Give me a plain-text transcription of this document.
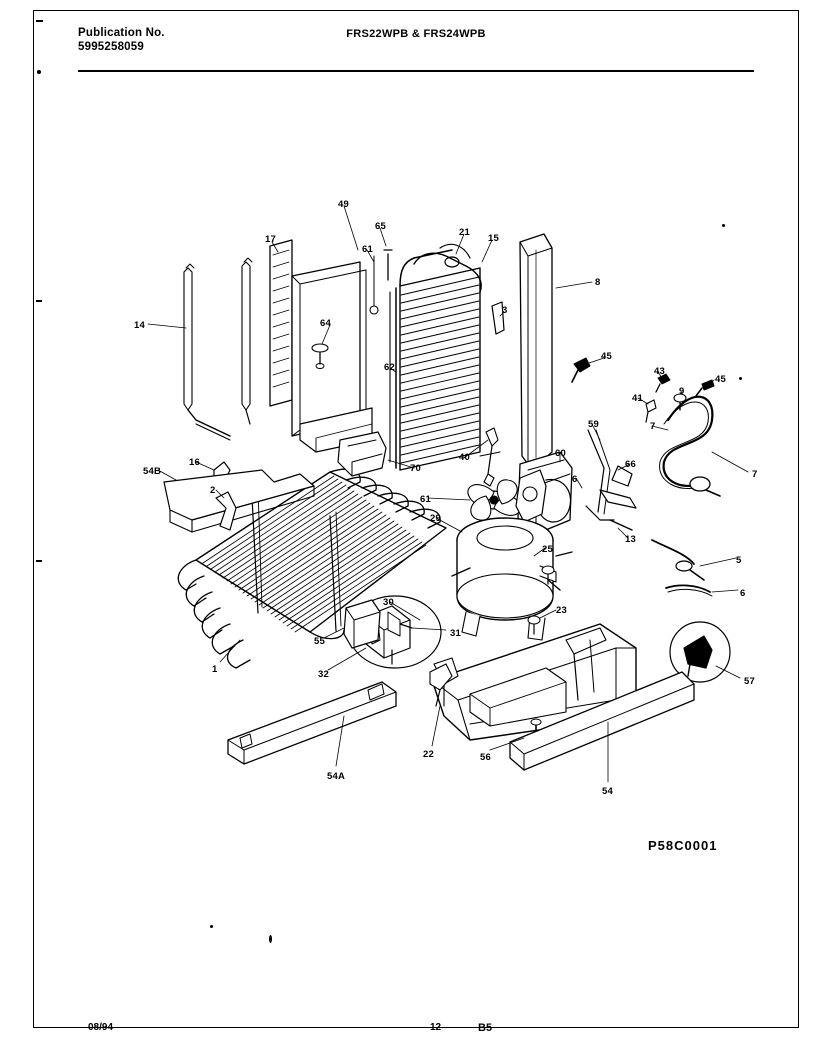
Publication No.
5995258059
FRS22WPB & FRS24WPB
49
65
17
61
21
15
3
8
14	64
45
43
9
45
41
62
7
59
54B
16
70
40	60
66
7
2
61
6
13
5
29
25
6
30
55
31
23
1	32
57
22	56
54A
54
P58C0001
08/94	12	B5
